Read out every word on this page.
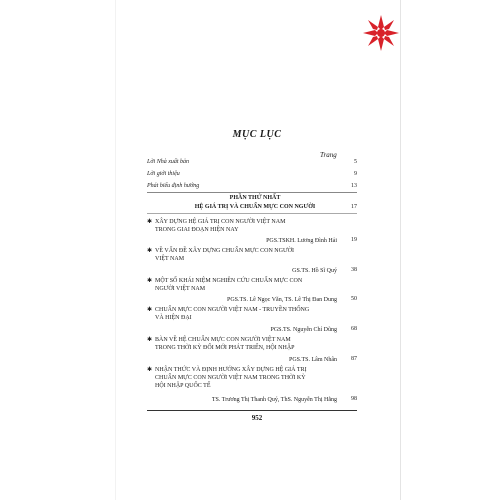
MỤC LỤC
Trang
Lời Nhà xuất bản	5
Lời giới thiệu	9
Phát biểu định hướng	13
PHẦN THỨ NHẤT
HỆ GIÁ TRỊ VÀ CHUẨN MỰC CON NGƯỜI	17
✱ XÂY DỰNG HỆ GIÁ TRỊ CON NGƯỜI VIỆT NAM
TRONG GIAI ĐOẠN HIỆN NAY
PGS.TSKH. Lương Đình Hải	19
✱ VỀ VẤN ĐỀ XÂY DỰNG CHUẨN MỰC CON NGƯỜI
VIỆT NAM
GS.TS. Hồ Sĩ Quý	38
✱ MỘT SỐ KHÁI NIỆM NGHIÊN CỨU CHUẨN MỰC CON
NGƯỜI VIỆT NAM
PGS.TS. Lê Ngọc Văn, TS. Lê Thị Đan Dung	50
✱ CHUẨN MỰC CON NGƯỜI VIỆT NAM - TRUYỀN THỐNG
VÀ HIỆN ĐẠI
PGS.TS. Nguyễn Chí Dũng	68
✱ BÀN VỀ HỆ CHUẨN MỰC CON NGƯỜI VIỆT NAM
TRONG THỜI KỲ ĐỔI MỚI PHÁT TRIỂN, HỘI NHẬP
PGS.TS. Lâm Nhân	87
✱ NHẬN THỨC VÀ ĐỊNH HƯỚNG XÂY DỰNG HỆ GIÁ TRỊ
CHUẨN MỰC CON NGƯỜI VIỆT NAM TRONG THỜI KỲ
HỘI NHẬP QUỐC TẾ
TS. Trương Thị Thanh Quý, ThS. Nguyễn Thị Hằng	98
952
